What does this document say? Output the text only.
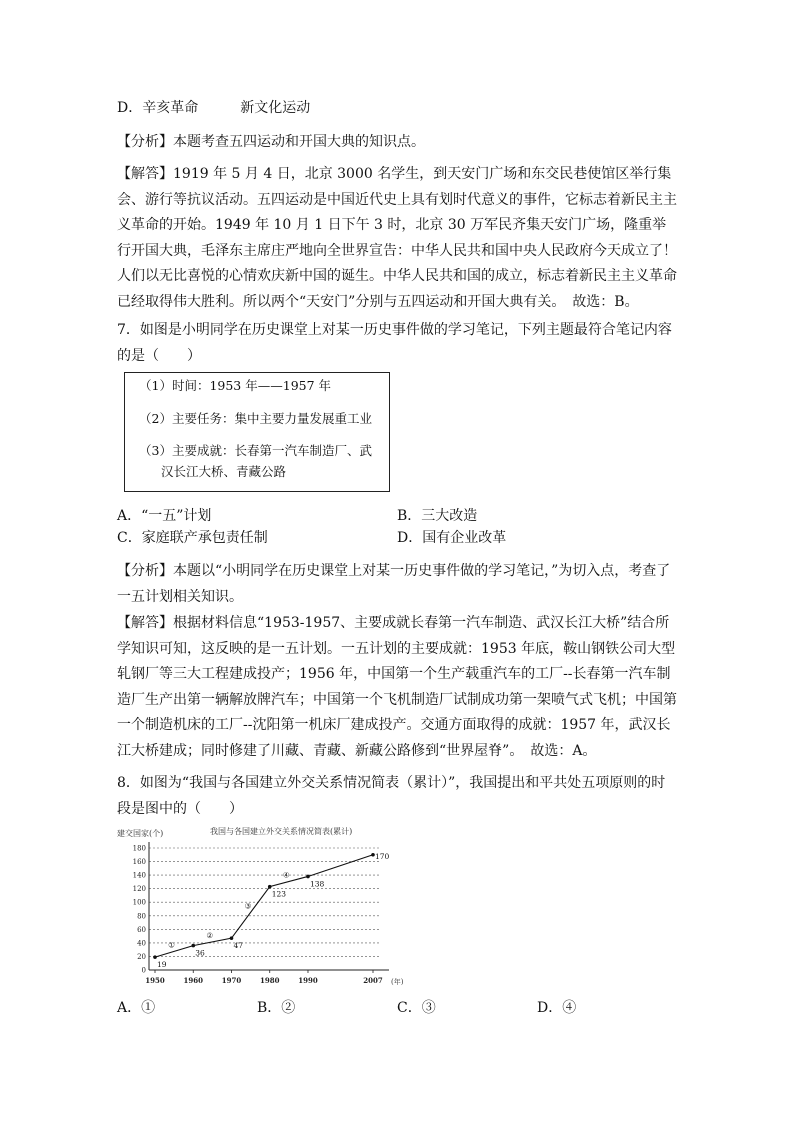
D．辛亥革命　　　新文化运动
【分析】本题考查五四运动和开国大典的知识点。
【解答】1919 年 5 月 4 日，北京 3000 名学生，到天安门广场和东交民巷使馆区举行集会、游行等抗议活动。五四运动是中国近代史上具有划时代意义的事件，它标志着新民主主义革命的开始。1949 年 10 月 1 日下午 3 时，北京 30 万军民齐集天安门广场，隆重举行开国大典，毛泽东主席庄严地向全世界宣告：中华人民共和国中央人民政府今天成立了！人们以无比喜悦的心情欢庆新中国的诞生。中华人民共和国的成立，标志着新民主主义革命已经取得伟大胜利。所以两个“天安门”分别与五四运动和开国大典有关。　故选：B。
7．如图是小明同学在历史课堂上对某一历史事件做的学习笔记，下列主题最符合笔记内容的是（　　）
（1）时间：1953 年——1957 年
（2）主要任务：集中主要力量发展重工业
（3）主要成就：长春第一汽车制造厂、武
汉长江大桥、青藏公路
A．“一五”计划	B．三大改造
C．家庭联产承包责任制	D．国有企业改革
【分析】本题以“小明同学在历史课堂上对某一历史事件做的学习笔记，”为切入点，考查了一五计划相关知识。
【解答】根据材料信息“1953-1957、主要成就长春第一汽车制造、武汉长江大桥”结合所学知识可知，这反映的是一五计划。一五计划的主要成就：1953 年底，鞍山钢铁公司大型轧钢厂等三大工程建成投产；1956 年，中国第一个生产载重汽车的工厂--长春第一汽车制造厂生产出第一辆解放牌汽车；中国第一个飞机制造厂试制成功第一架喷气式飞机；中国第一个制造机床的工厂--沈阳第一机床厂建成投产。交通方面取得的成就：1957 年，武汉长江大桥建成；同时修建了川藏、青藏、新藏公路修到“世界屋脊”。　故选：A。
8．如图为“我国与各国建立外交关系情况简表（累计）”，我国提出和平共处五项原则的时段是图中的（　　）
我国与各国建立外交关系情况简表(累计)
建交国家(个)
(年)
0
20
40
60
80
100
120
140
160
180
1950	1960	1970	1980	1990	2007
19
36
47
123
138
170
①
②
③
④
A．①	B．②	C．③	D．④
